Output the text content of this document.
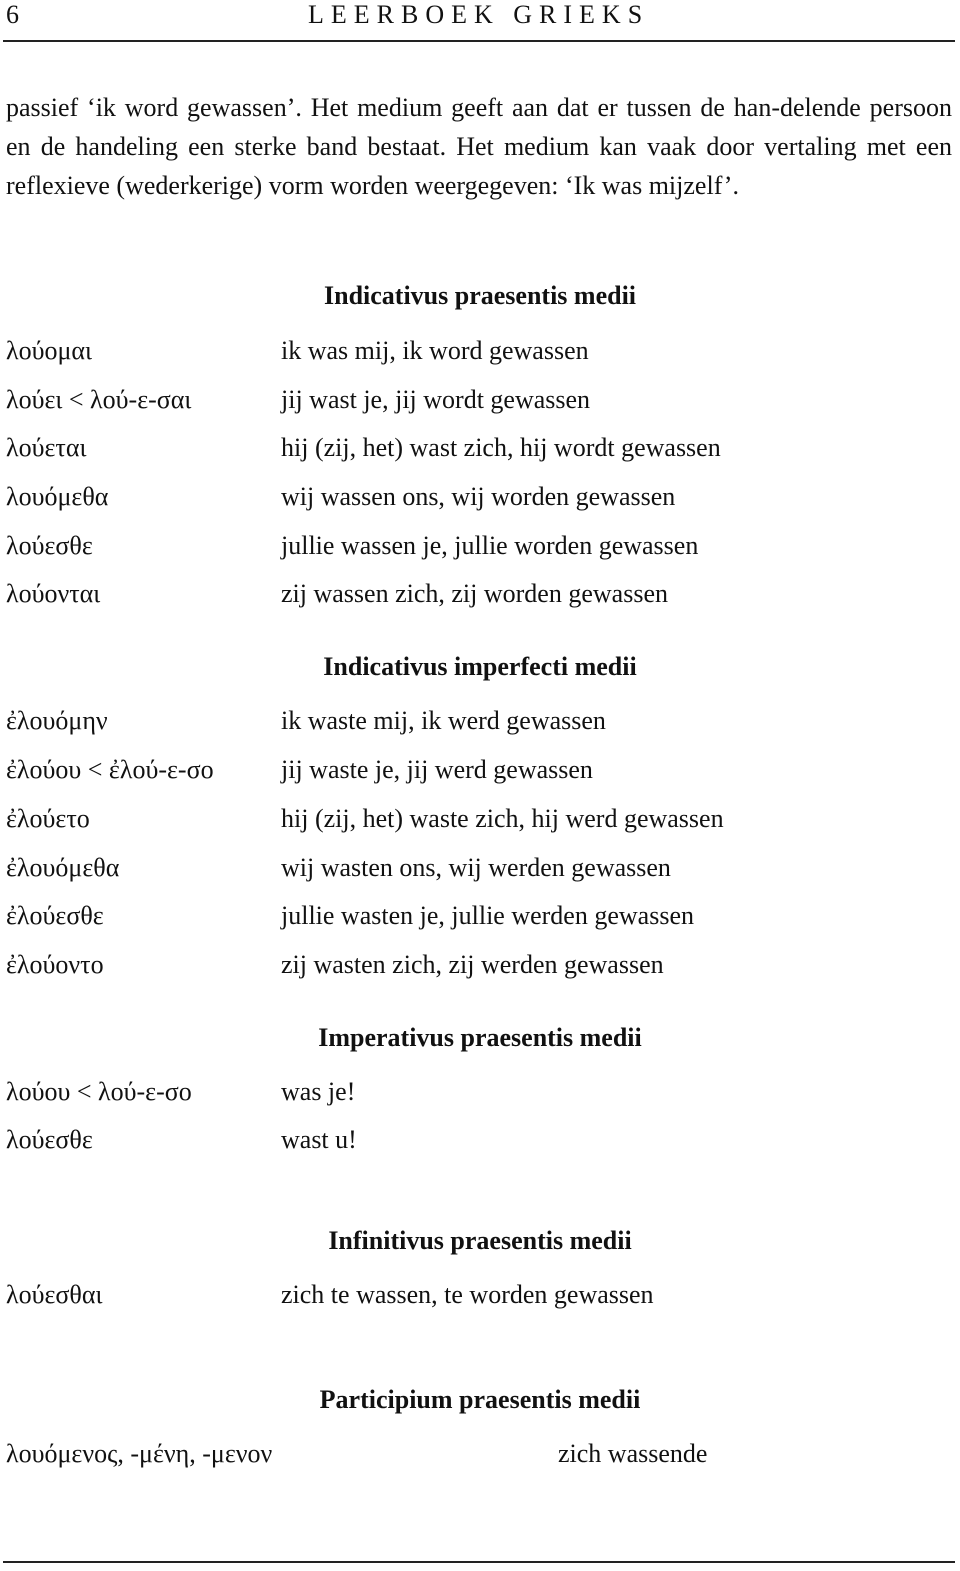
6	LEERBOEK GRIEKS

passief ‘ik word gewassen’. Het medium geeft aan dat er tussen de han-delende persoon en de handeling een sterke band bestaat. Het medium kan vaak door vertaling met een reflexieve (wederkerige) vorm worden weergegeven: ‘Ik was mijzelf’.

Indicativus praesentis medii
λούομαι	ik was mij, ik word gewassen
λούει < λού-ε-σαι	jij wast je, jij wordt gewassen
λούεται	hij (zij, het) wast zich, hij wordt gewassen
λουόμεθα	wij wassen ons, wij worden gewassen
λούεσθε	jullie wassen je, jullie worden gewassen
λούονται	zij wassen zich, zij worden gewassen
Indicativus imperfecti medii
ἐλουόμην	ik waste mij, ik werd gewassen
ἐλούου < ἐλού-ε-σο	jij waste je, jij werd gewassen
ἐλούετο	hij (zij, het) waste zich, hij werd gewassen
ἐλουόμεθα	wij wasten ons, wij werden gewassen
ἐλούεσθε	jullie wasten je, jullie werden gewassen
ἐλούοντο	zij wasten zich, zij werden gewassen
Imperativus praesentis medii
λούου < λού-ε-σο	was je!
λούεσθε	wast u!
Infinitivus praesentis medii
λούεσθαι	zich te wassen, te worden gewassen
Participium praesentis medii
λουόμενος, -μένη, -μενον	zich wassende
